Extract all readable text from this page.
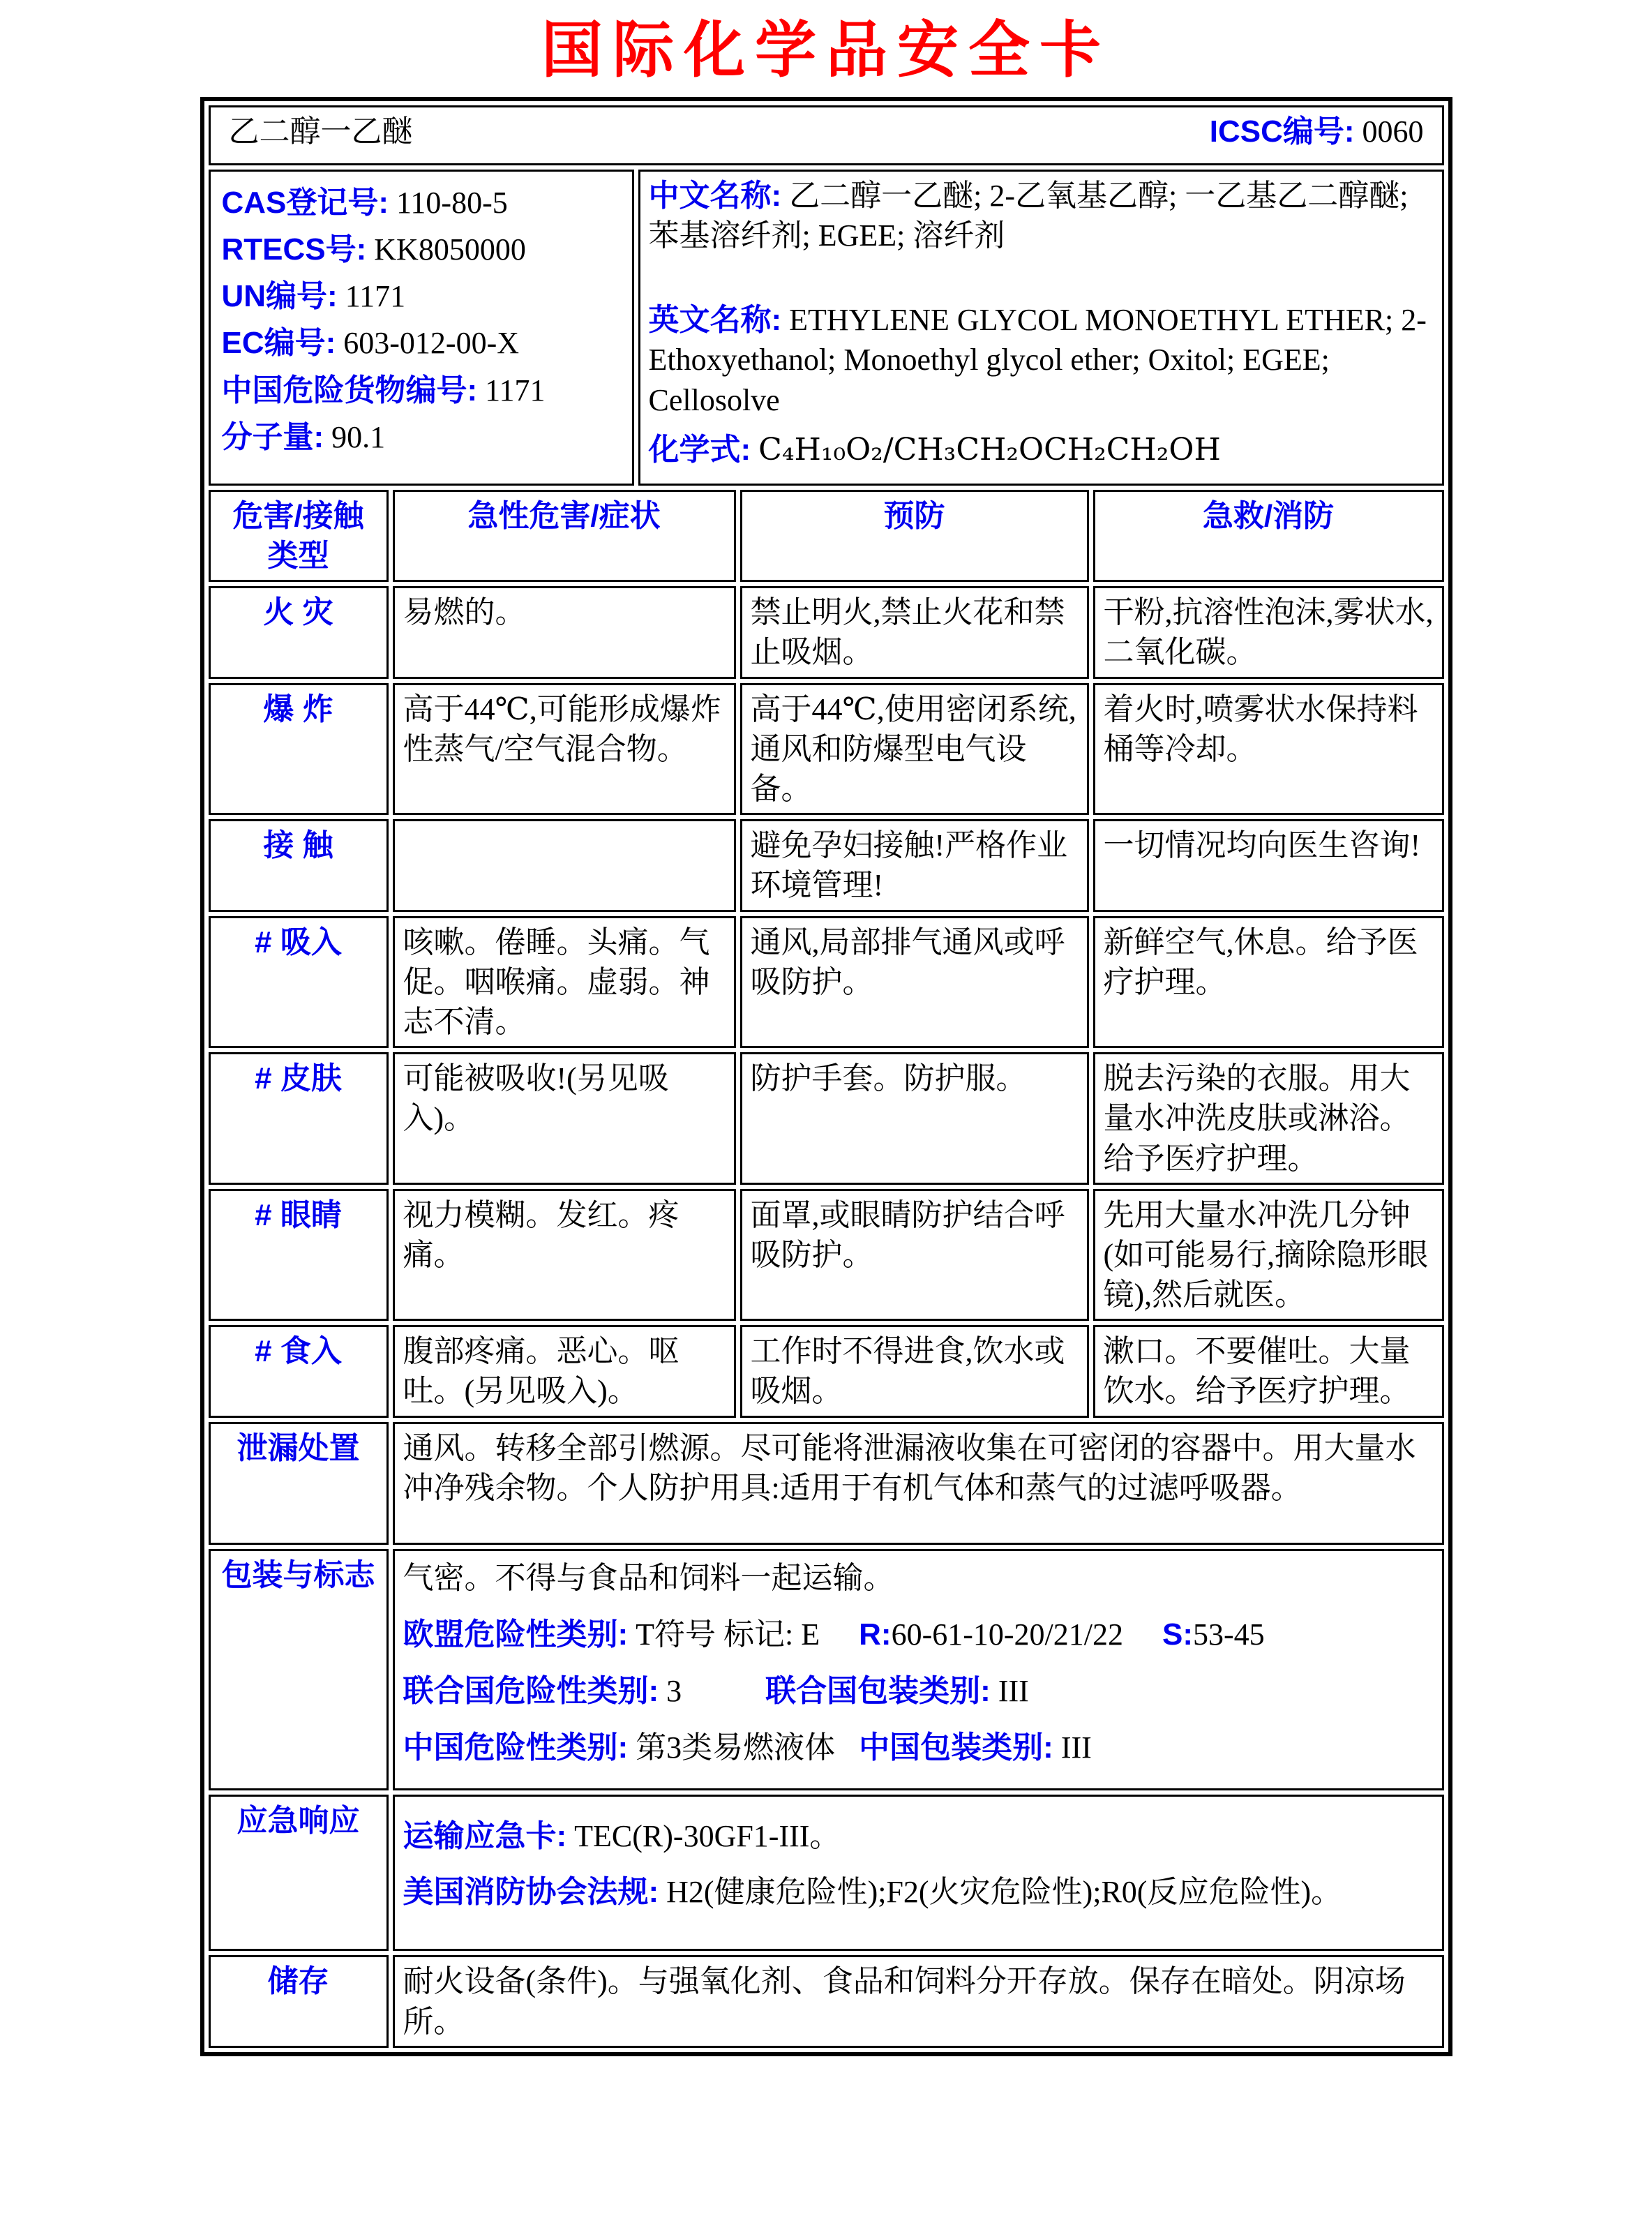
国际化学品安全卡
乙二醇一乙醚	ICSC编号: 0060
CAS登记号: 110-80-5
RTECS号: KK8050000
UN编号: 1171
EC编号: 603-012-00-X
中国危险货物编号: 1171
分子量: 90.1

中文名称: 乙二醇一乙醚; 2-乙氧基乙醇; 一乙基乙二醇醚; 苯基溶纤剂; EGEE; 溶纤剂

英文名称: ETHYLENE GLYCOL MONOETHYL ETHER; 2-Ethoxyethanol; Monoethyl glycol ether; Oxitol; EGEE; Cellosolve

化学式: C₄H₁₀O₂/CH₃CH₂OCH₂CH₂OH

危害/接触类型	急性危害/症状	预防	急救/消防
火 灾	易燃的。	禁止明火,禁止火花和禁止吸烟。	干粉,抗溶性泡沫,雾状水,二氧化碳。
爆 炸	高于44℃,可能形成爆炸性蒸气/空气混合物。	高于44℃,使用密闭系统,通风和防爆型电气设备。	着火时,喷雾状水保持料桶等冷却。
接 触		避免孕妇接触!严格作业环境管理!	一切情况均向医生咨询!
# 吸入	咳嗽。倦睡。头痛。气促。咽喉痛。虚弱。神志不清。	通风,局部排气通风或呼吸防护。	新鲜空气,休息。给予医疗护理。
# 皮肤	可能被吸收!(另见吸入)。	防护手套。防护服。	脱去污染的衣服。用大量水冲洗皮肤或淋浴。给予医疗护理。
# 眼睛	视力模糊。发红。疼痛。	面罩,或眼睛防护结合呼吸防护。	先用大量水冲洗几分钟(如可能易行,摘除隐形眼镜),然后就医。
# 食入	腹部疼痛。恶心。呕吐。(另见吸入)。	工作时不得进食,饮水或吸烟。	漱口。不要催吐。大量饮水。给予医疗护理。
泄漏处置	通风。转移全部引燃源。尽可能将泄漏液收集在可密闭的容器中。用大量水冲净残余物。个人防护用具:适用于有机气体和蒸气的过滤呼吸器。
包装与标志	气密。不得与食品和饲料一起运输。
欧盟危险性类别: T符号 标记: E R:60-61-10-20/21/22 S:53-45
联合国危险性类别: 3 联合国包装类别: III
中国危险性类别: 第3类易燃液体 中国包装类别: III

应急响应	运输应急卡: TEC(R)-30GF1-III。
美国消防协会法规: H2(健康危险性);F2(火灾危险性);R0(反应危险性)。

储存	耐火设备(条件)。与强氧化剂、食品和饲料分开存放。保存在暗处。阴凉场所。
